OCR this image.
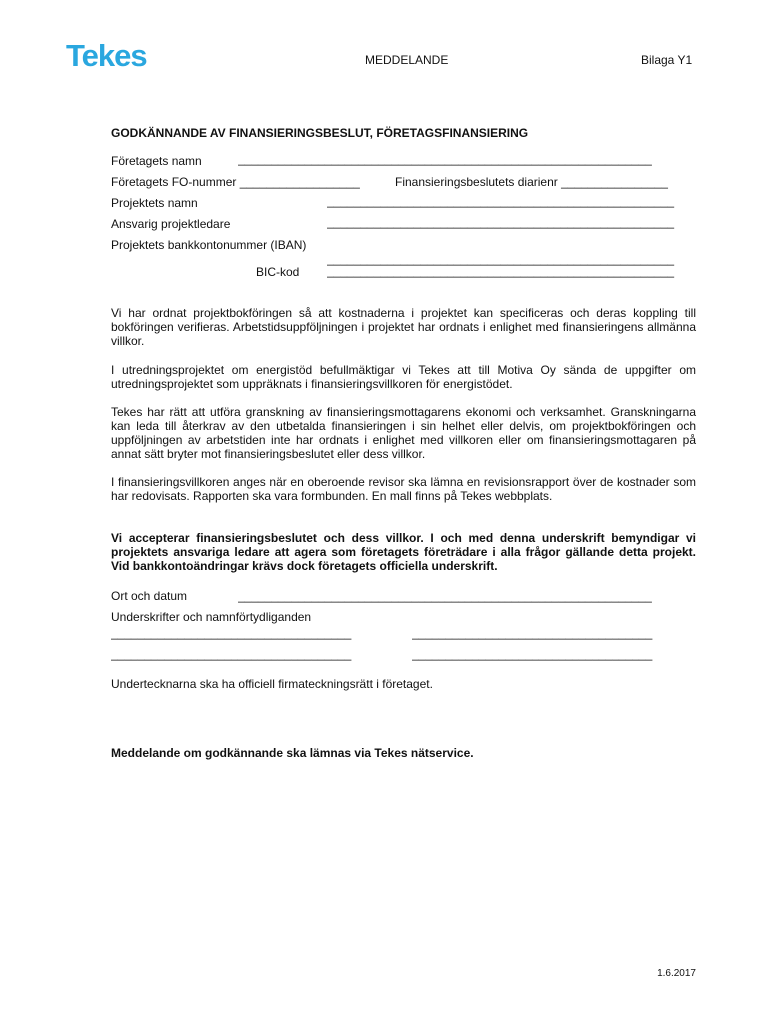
Tekes	MEDDELANDE	Bilaga Y1
GODKÄNNANDE AV FINANSIERINGSBESLUT, FÖRETAGSFINANSIERING
Företagets namn	______________________________________________________________
Företagets FO-nummer __________________	Finansieringsbeslutets diarienr ________________
Projektets namn	____________________________________________________
Ansvarig projektledare	____________________________________________________
Projektets bankkontonummer (IBAN)
____________________________________________________
BIC-kod ____________________________________________________
Vi har ordnat projektbokföringen så att kostnaderna i projektet kan specificeras och deras koppling till bokföringen verifieras. Arbetstidsuppföljningen i projektet har ordnats i enlighet med finansieringens allmänna villkor.
I utredningsprojektet om energistöd befullmäktigar vi Tekes att till Motiva Oy sända de uppgifter om utredningsprojektet som uppräknats i finansieringsvillkoren för energistödet.
Tekes har rätt att utföra granskning av finansieringsmottagarens ekonomi och verksamhet. Granskningarna kan leda till återkrav av den utbetalda finansieringen i sin helhet eller delvis, om projektbokföringen och uppföljningen av arbetstiden inte har ordnats i enlighet med villkoren eller om finansieringsmottagaren på annat sätt bryter mot finansieringsbeslutet eller dess villkor.
I finansieringsvillkoren anges när en oberoende revisor ska lämna en revisionsrapport över de kostnader som har redovisats. Rapporten ska vara formbunden. En mall finns på Tekes webbplats.
Vi accepterar finansieringsbeslutet och dess villkor. I och med denna underskrift bemyndigar vi projektets ansvariga ledare att agera som företagets företrädare i alla frågor gällande detta projekt. Vid bankkontoändringar krävs dock företagets officiella underskrift.
Ort och datum	______________________________________________________________
Underskrifter och namnförtydliganden
____________________________________	____________________________________
____________________________________	____________________________________
Undertecknarna ska ha officiell firmateckningsrätt i företaget.
Meddelande om godkännande ska lämnas via Tekes nätservice.
1.6.2017
